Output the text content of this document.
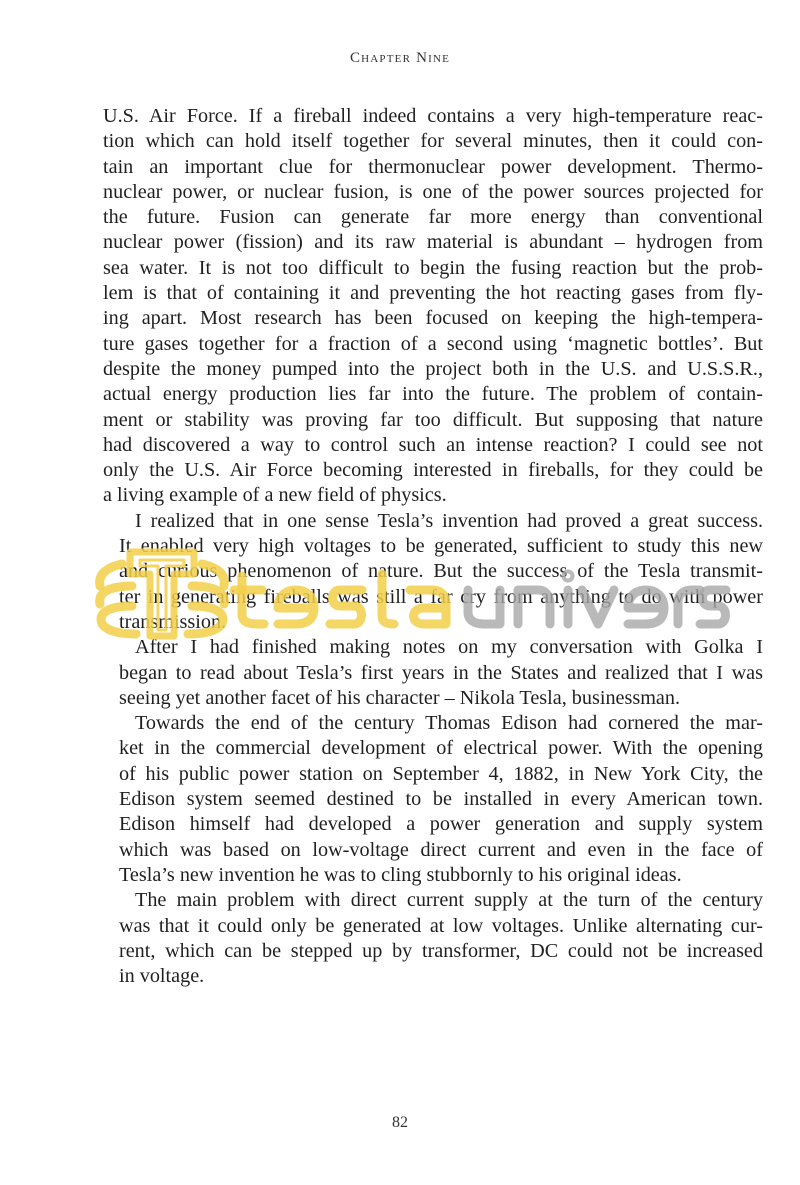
Chapter Nine

U.S. Air Force. If a fireball indeed contains a very high-temperature reac-
tion which can hold itself together for several minutes, then it could con-
tain an important clue for thermonuclear power development. Thermo-
nuclear power, or nuclear fusion, is one of the power sources projected for
the future. Fusion can generate far more energy than conventional
nuclear power (fission) and its raw material is abundant – hydrogen from
sea water. It is not too difficult to begin the fusing reaction but the prob-
lem is that of containing it and preventing the hot reacting gases from fly-
ing apart. Most research has been focused on keeping the high-tempera-
ture gases together for a fraction of a second using ‘magnetic bottles’. But
despite the money pumped into the project both in the U.S. and U.S.S.R.,
actual energy production lies far into the future. The problem of contain-
ment or stability was proving far too difficult. But supposing that nature
had discovered a way to control such an intense reaction? I could see not
only the U.S. Air Force becoming interested in fireballs, for they could be
a living example of a new field of physics.

I realized that in one sense Tesla’s invention had proved a great success.
It enabled very high voltages to be generated, sufficient to study this new
and curious phenomenon of nature. But the success of the Tesla transmit-
ter in generating fireballs was still a far cry from anything to do with power
transmission.

After I had finished making notes on my conversation with Golka I
began to read about Tesla’s first years in the States and realized that I was
seeing yet another facet of his character – Nikola Tesla, businessman.

Towards the end of the century Thomas Edison had cornered the mar-
ket in the commercial development of electrical power. With the opening
of his public power station on September 4, 1882, in New York City, the
Edison system seemed destined to be installed in every American town.
Edison himself had developed a power generation and supply system
which was based on low-voltage direct current and even in the face of
Tesla’s new invention he was to cling stubbornly to his original ideas.

The main problem with direct current supply at the turn of the century
was that it could only be generated at low voltages. Unlike alternating cur-
rent, which can be stepped up by transformer, DC could not be increased
in voltage.

82
